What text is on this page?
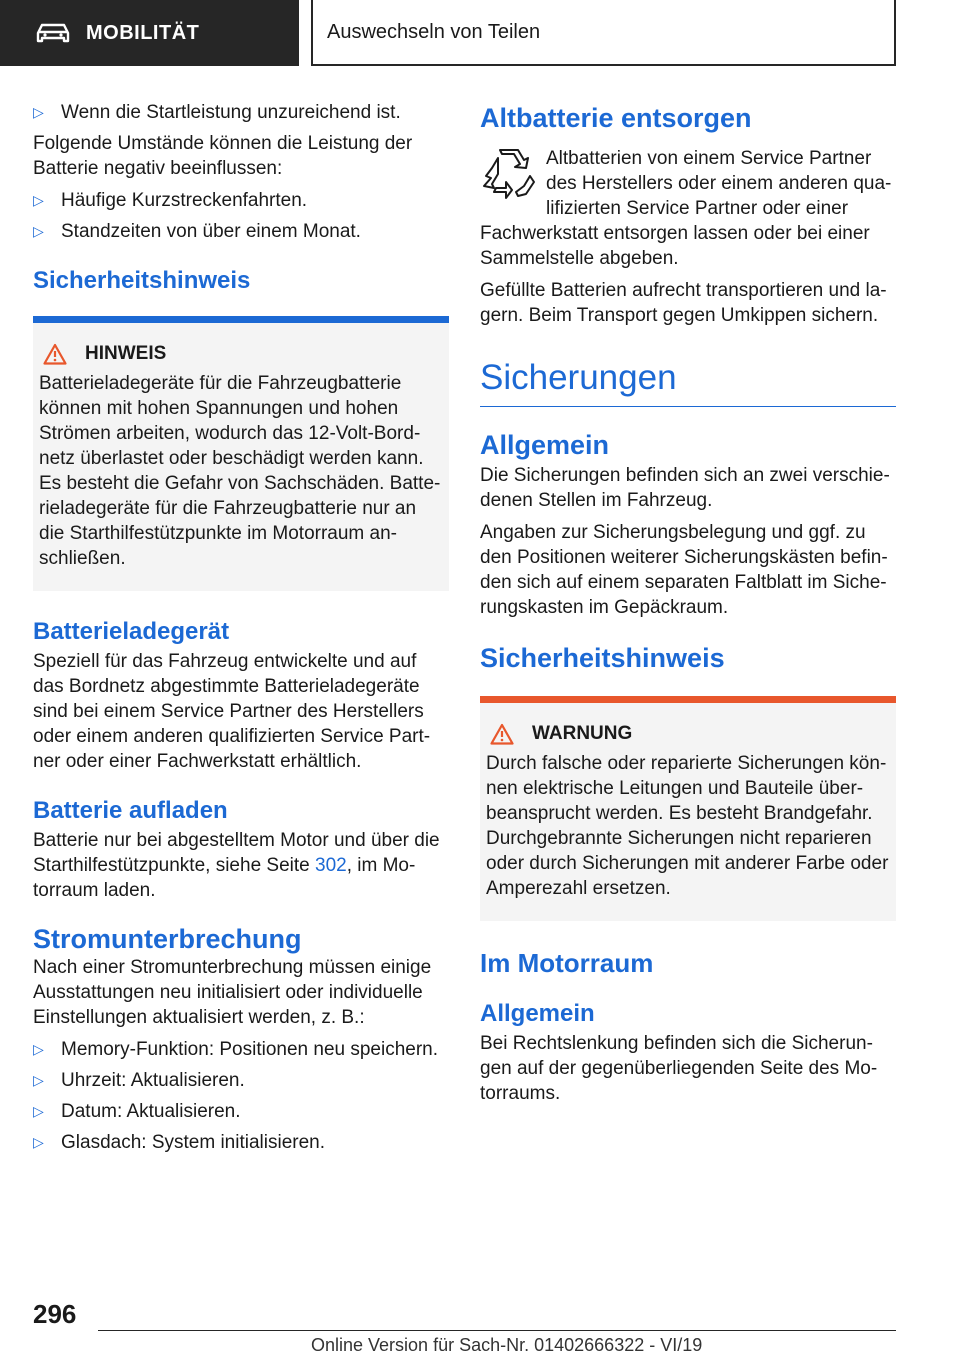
MOBILITÄT	Auswechseln von Teilen
▷ Wenn die Startleistung unzureichend ist.

Folgende Umstände können die Leistung der Batterie negativ beeinflussen:

▷ Häufige Kurzstreckenfahrten.
▷ Standzeiten von über einem Monat.
Sicherheitshinweis
HINWEIS

Batterieladegeräte für die Fahrzeugbatterie können mit hohen Spannungen und hohen Strömen arbeiten, wodurch das 12-Volt-Bordnetz überlastet oder beschädigt werden kann. Es besteht die Gefahr von Sachschäden. Batterieladegeräte für die Fahrzeugbatterie nur an die Starthilfestützpunkte im Motorraum anschließen.

Batterieladegerät

Speziell für das Fahrzeug entwickelte und auf das Bordnetz abgestimmte Batterieladegeräte sind bei einem Service Partner des Herstellers oder einem anderen qualifizierten Service Partner oder einer Fachwerkstatt erhältlich.

Batterie aufladen

Batterie nur bei abgestelltem Motor und über die Starthilfestützpunkte, siehe Seite 302, im Motorraum laden.

Stromunterbrechung

Nach einer Stromunterbrechung müssen einige Ausstattungen neu initialisiert oder individuelle Einstellungen aktualisiert werden, z. B.:

▷ Memory-Funktion: Positionen neu speichern.
▷ Uhrzeit: Aktualisieren.
▷ Datum: Aktualisieren.
▷ Glasdach: System initialisieren.
Altbatterie entsorgen

Altbatterien von einem Service Partner des Herstellers oder einem anderen qualifizierten Service Partner oder einer Fachwerkstatt entsorgen lassen oder bei einer Sammelstelle abgeben.

Gefüllte Batterien aufrecht transportieren und lagern. Beim Transport gegen Umkippen sichern.

Sicherungen
Allgemein

Die Sicherungen befinden sich an zwei verschiedenen Stellen im Fahrzeug.

Angaben zur Sicherungsbelegung und ggf. zu den Positionen weiterer Sicherungskästen befinden sich auf einem separaten Faltblatt im Sicherungskasten im Gepäckraum.

Sicherheitshinweis
WARNUNG

Durch falsche oder reparierte Sicherungen können elektrische Leitungen und Bauteile überbeansprucht werden. Es besteht Brandgefahr. Durchgebrannte Sicherungen nicht reparieren oder durch Sicherungen mit anderer Farbe oder Amperezahl ersetzen.

Im Motorraum
Allgemein

Bei Rechtslenkung befinden sich die Sicherungen auf der gegenüberliegenden Seite des Motorraums.

296
Online Version für Sach-Nr. 01402666322 - VI/19
